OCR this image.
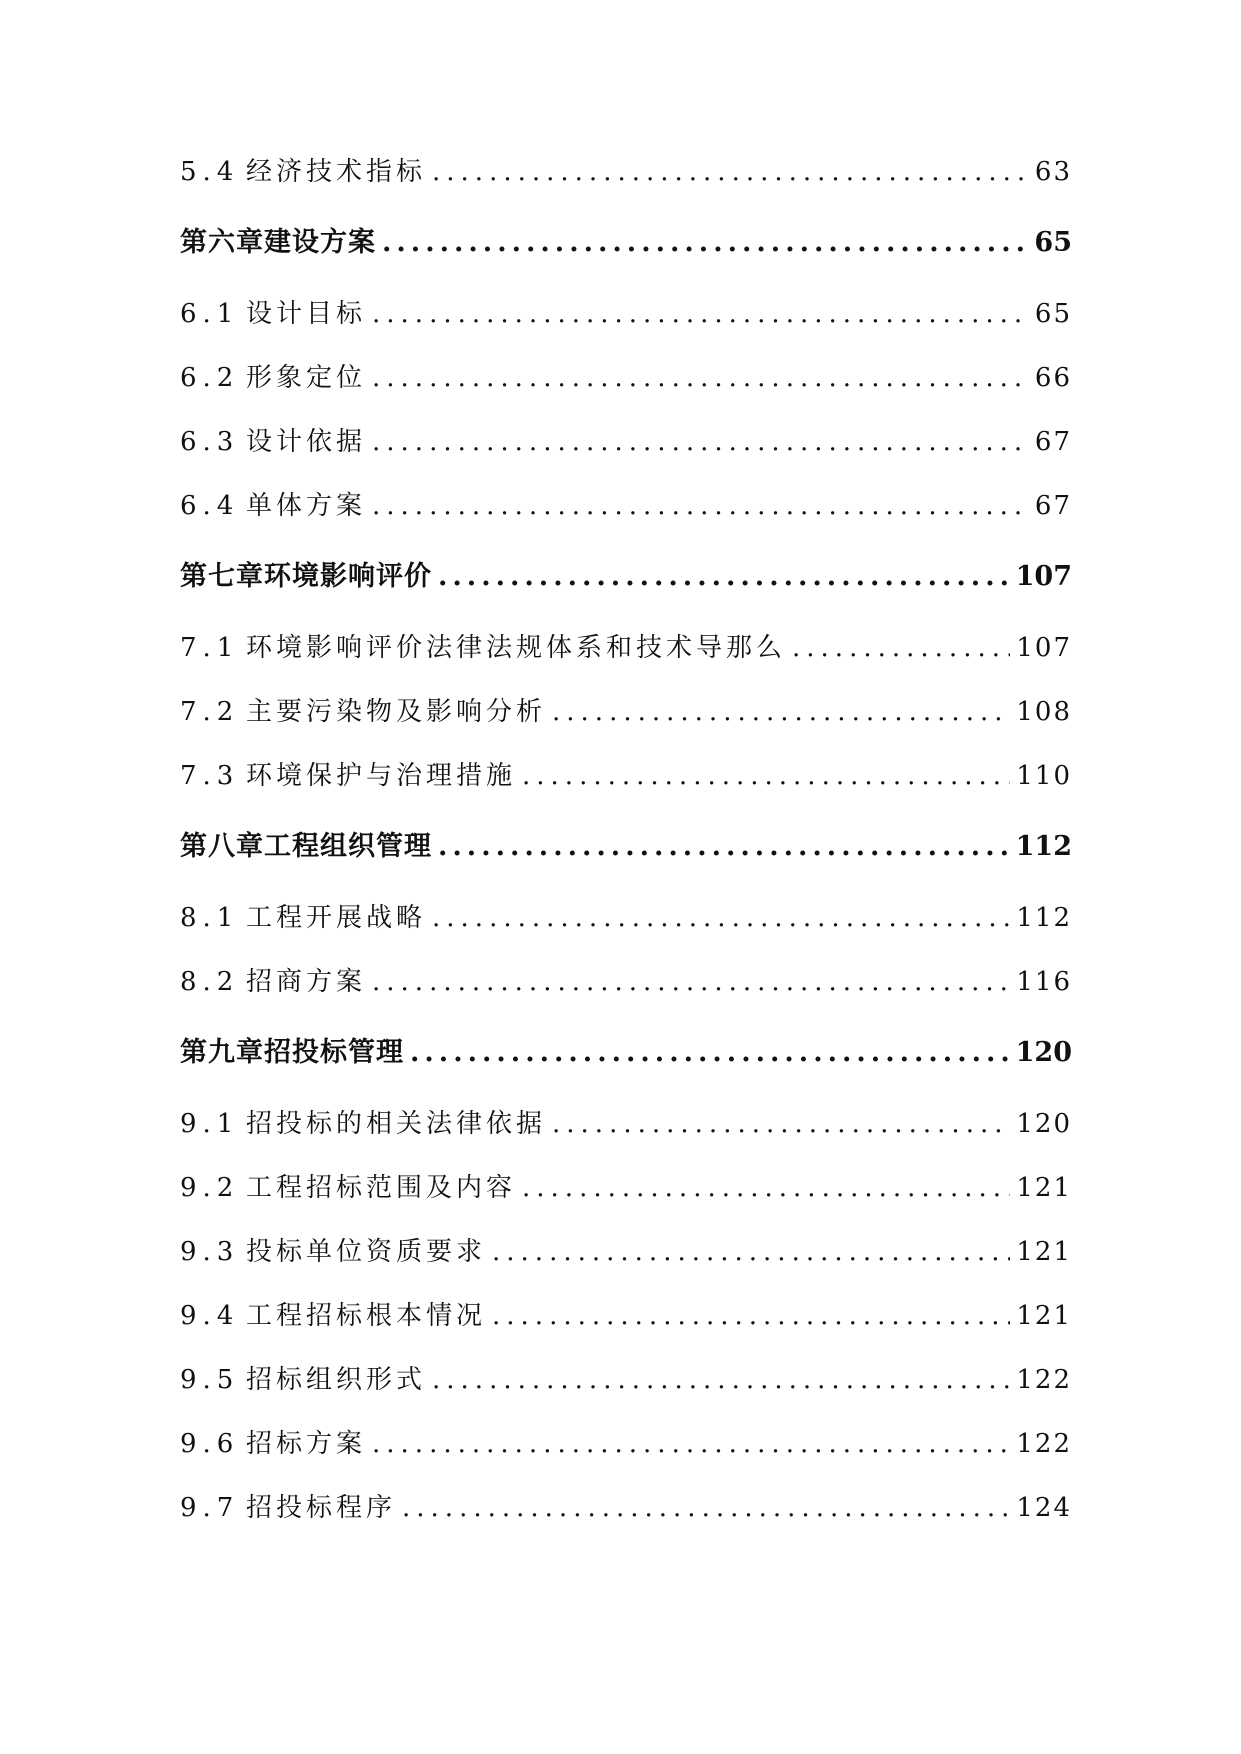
5.4 经济技术指标 .....	63
第六章建设方案 .....	65
6.1 设计目标 .....	65
6.2 形象定位 .....	66
6.3 设计依据 .....	67
6.4 单体方案 .....	67
第七章环境影响评价 .....	107
7.1 环境影响评价法律法规体系和技术导那么 .....	107
7.2 主要污染物及影响分析 .....	108
7.3 环境保护与治理措施 .....	110
第八章工程组织管理 .....	112
8.1 工程开展战略 .....	112
8.2 招商方案 .....	116
第九章招投标管理 .....	120
9.1 招投标的相关法律依据 .....	120
9.2 工程招标范围及内容 .....	121
9.3 投标单位资质要求 .....	121
9.4 工程招标根本情况 .....	121
9.5 招标组织形式 .....	122
9.6 招标方案 .....	122
9.7 招投标程序 .....	124
